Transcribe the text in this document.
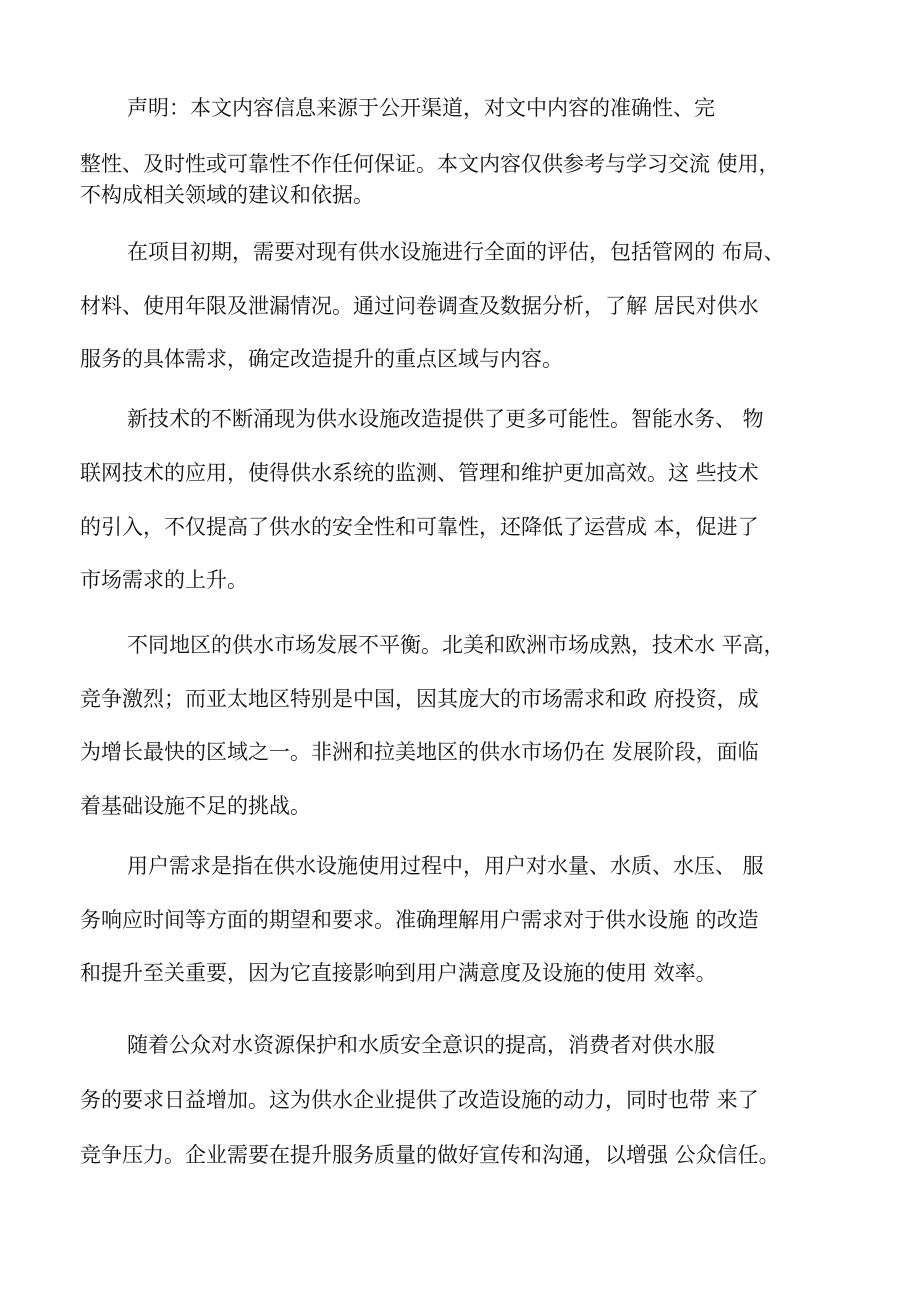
声明：本文内容信息来源于公开渠道，对文中内容的准确性、完
整性、及时性或可靠性不作任何保证。本文内容仅供参考与学习交流 使用，
不构成相关领域的建议和依据。
在项目初期，需要对现有供水设施进行全面的评估，包括管网的 布局、
材料、使用年限及泄漏情况。通过问卷调查及数据分析，了解 居民对供水
服务的具体需求，确定改造提升的重点区域与内容。
新技术的不断涌现为供水设施改造提供了更多可能性。智能水务、 物
联网技术的应用，使得供水系统的监测、管理和维护更加高效。这 些技术
的引入，不仅提高了供水的安全性和可靠性，还降低了运营成 本，促进了
市场需求的上升。
不同地区的供水市场发展不平衡。北美和欧洲市场成熟，技术水 平高，
竞争激烈；而亚太地区特别是中国，因其庞大的市场需求和政 府投资，成
为增长最快的区域之一。非洲和拉美地区的供水市场仍在 发展阶段，面临
着基础设施不足的挑战。
用户需求是指在供水设施使用过程中，用户对水量、水质、水压、 服
务响应时间等方面的期望和要求。准确理解用户需求对于供水设施 的改造
和提升至关重要，因为它直接影响到用户满意度及设施的使用 效率。
随着公众对水资源保护和水质安全意识的提高，消费者对供水服
务的要求日益增加。这为供水企业提供了改造设施的动力，同时也带 来了
竞争压力。企业需要在提升服务质量的做好宣传和沟通，以增强 公众信任。
